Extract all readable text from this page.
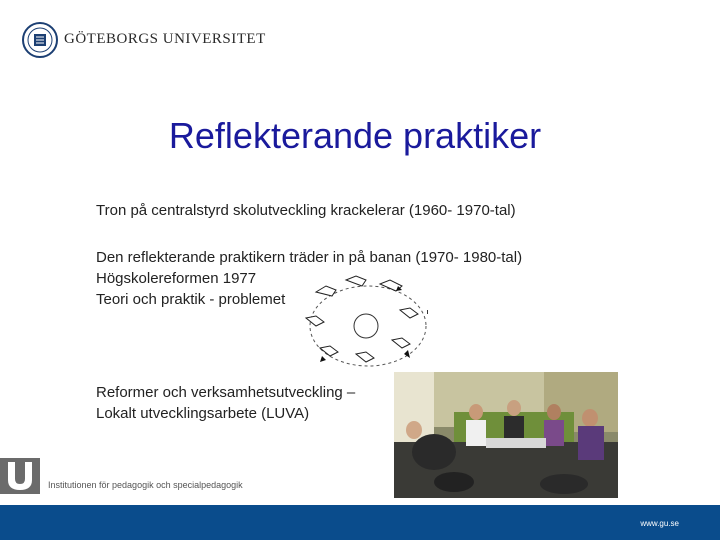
GÖTEBORGS UNIVERSITET
Reflekterande praktiker
Tron på centralstyrd skolutveckling krackelerar (1960- 1970-tal)
Den reflekterande praktikern träder in på banan (1970- 1980-tal)
Högskolereformen 1977
Teori och praktik - problemet
Reformer och verksamhetsutveckling –
Lokalt utvecklingsarbete (LUVA)
Institutionen för pedagogik och specialpedagogik
www.gu.se
